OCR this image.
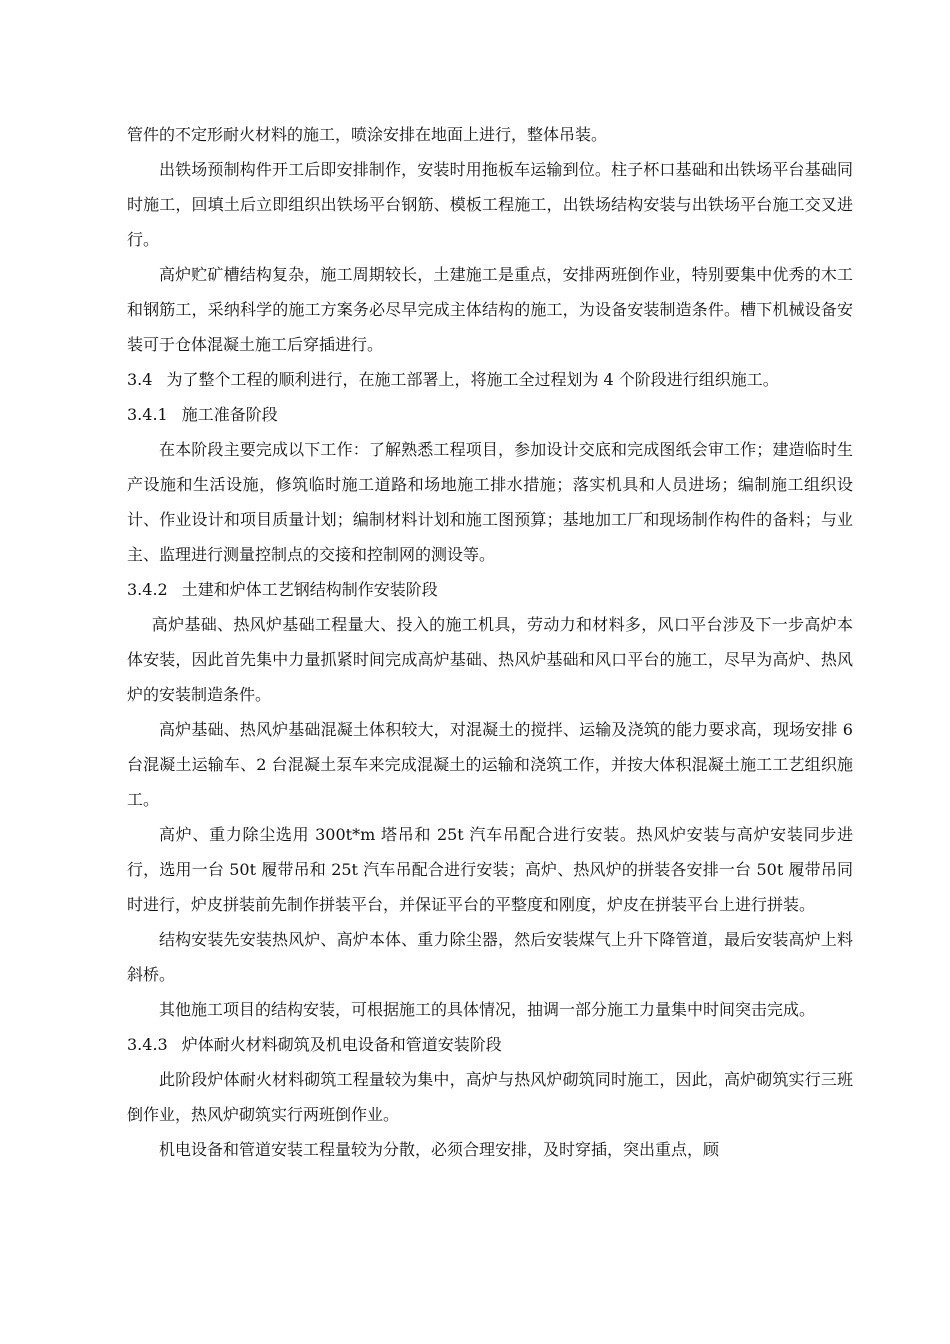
管件的不定形耐火材料的施工，喷涂安排在地面上进行，整体吊装。

出铁场预制构件开工后即安排制作，安装时用拖板车运输到位。柱子杯口基础和出铁场平台基础同时施工，回填土后立即组织出铁场平台钢筋、模板工程施工，出铁场结构安装与出铁场平台施工交叉进行。

高炉贮矿槽结构复杂，施工周期较长，土建施工是重点，安排两班倒作业，特别要集中优秀的木工和钢筋工，采纳科学的施工方案务必尽早完成主体结构的施工，为设备安装制造条件。槽下机械设备安装可于仓体混凝土施工后穿插进行。

3.4 为了整个工程的顺利进行，在施工部署上，将施工全过程划为 4 个阶段进行组织施工。

3.4.1 施工准备阶段

在本阶段主要完成以下工作：了解熟悉工程项目，参加设计交底和完成图纸会审工作；建造临时生产设施和生活设施，修筑临时施工道路和场地施工排水措施；落实机具和人员进场；编制施工组织设计、作业设计和项目质量计划；编制材料计划和施工图预算；基地加工厂和现场制作构件的备料；与业主、监理进行测量控制点的交接和控制网的测设等。

3.4.2 土建和炉体工艺钢结构制作安装阶段

高炉基础、热风炉基础工程量大、投入的施工机具，劳动力和材料多，风口平台涉及下一步高炉本体安装，因此首先集中力量抓紧时间完成高炉基础、热风炉基础和风口平台的施工，尽早为高炉、热风炉的安装制造条件。

高炉基础、热风炉基础混凝土体积较大，对混凝土的搅拌、运输及浇筑的能力要求高，现场安排 6 台混凝土运输车、2 台混凝土泵车来完成混凝土的运输和浇筑工作，并按大体积混凝土施工工艺组织施工。

高炉、重力除尘选用 300t*m 塔吊和 25t 汽车吊配合进行安装。热风炉安装与高炉安装同步进行，选用一台 50t 履带吊和 25t 汽车吊配合进行安装；高炉、热风炉的拼装各安排一台 50t 履带吊同时进行，炉皮拼装前先制作拼装平台，并保证平台的平整度和刚度，炉皮在拼装平台上进行拼装。

结构安装先安装热风炉、高炉本体、重力除尘器，然后安装煤气上升下降管道，最后安装高炉上料斜桥。

其他施工项目的结构安装，可根据施工的具体情况，抽调一部分施工力量集中时间突击完成。

3.4.3 炉体耐火材料砌筑及机电设备和管道安装阶段

此阶段炉体耐火材料砌筑工程量较为集中，高炉与热风炉砌筑同时施工，因此，高炉砌筑实行三班倒作业，热风炉砌筑实行两班倒作业。

机电设备和管道安装工程量较为分散，必须合理安排，及时穿插，突出重点，顾
